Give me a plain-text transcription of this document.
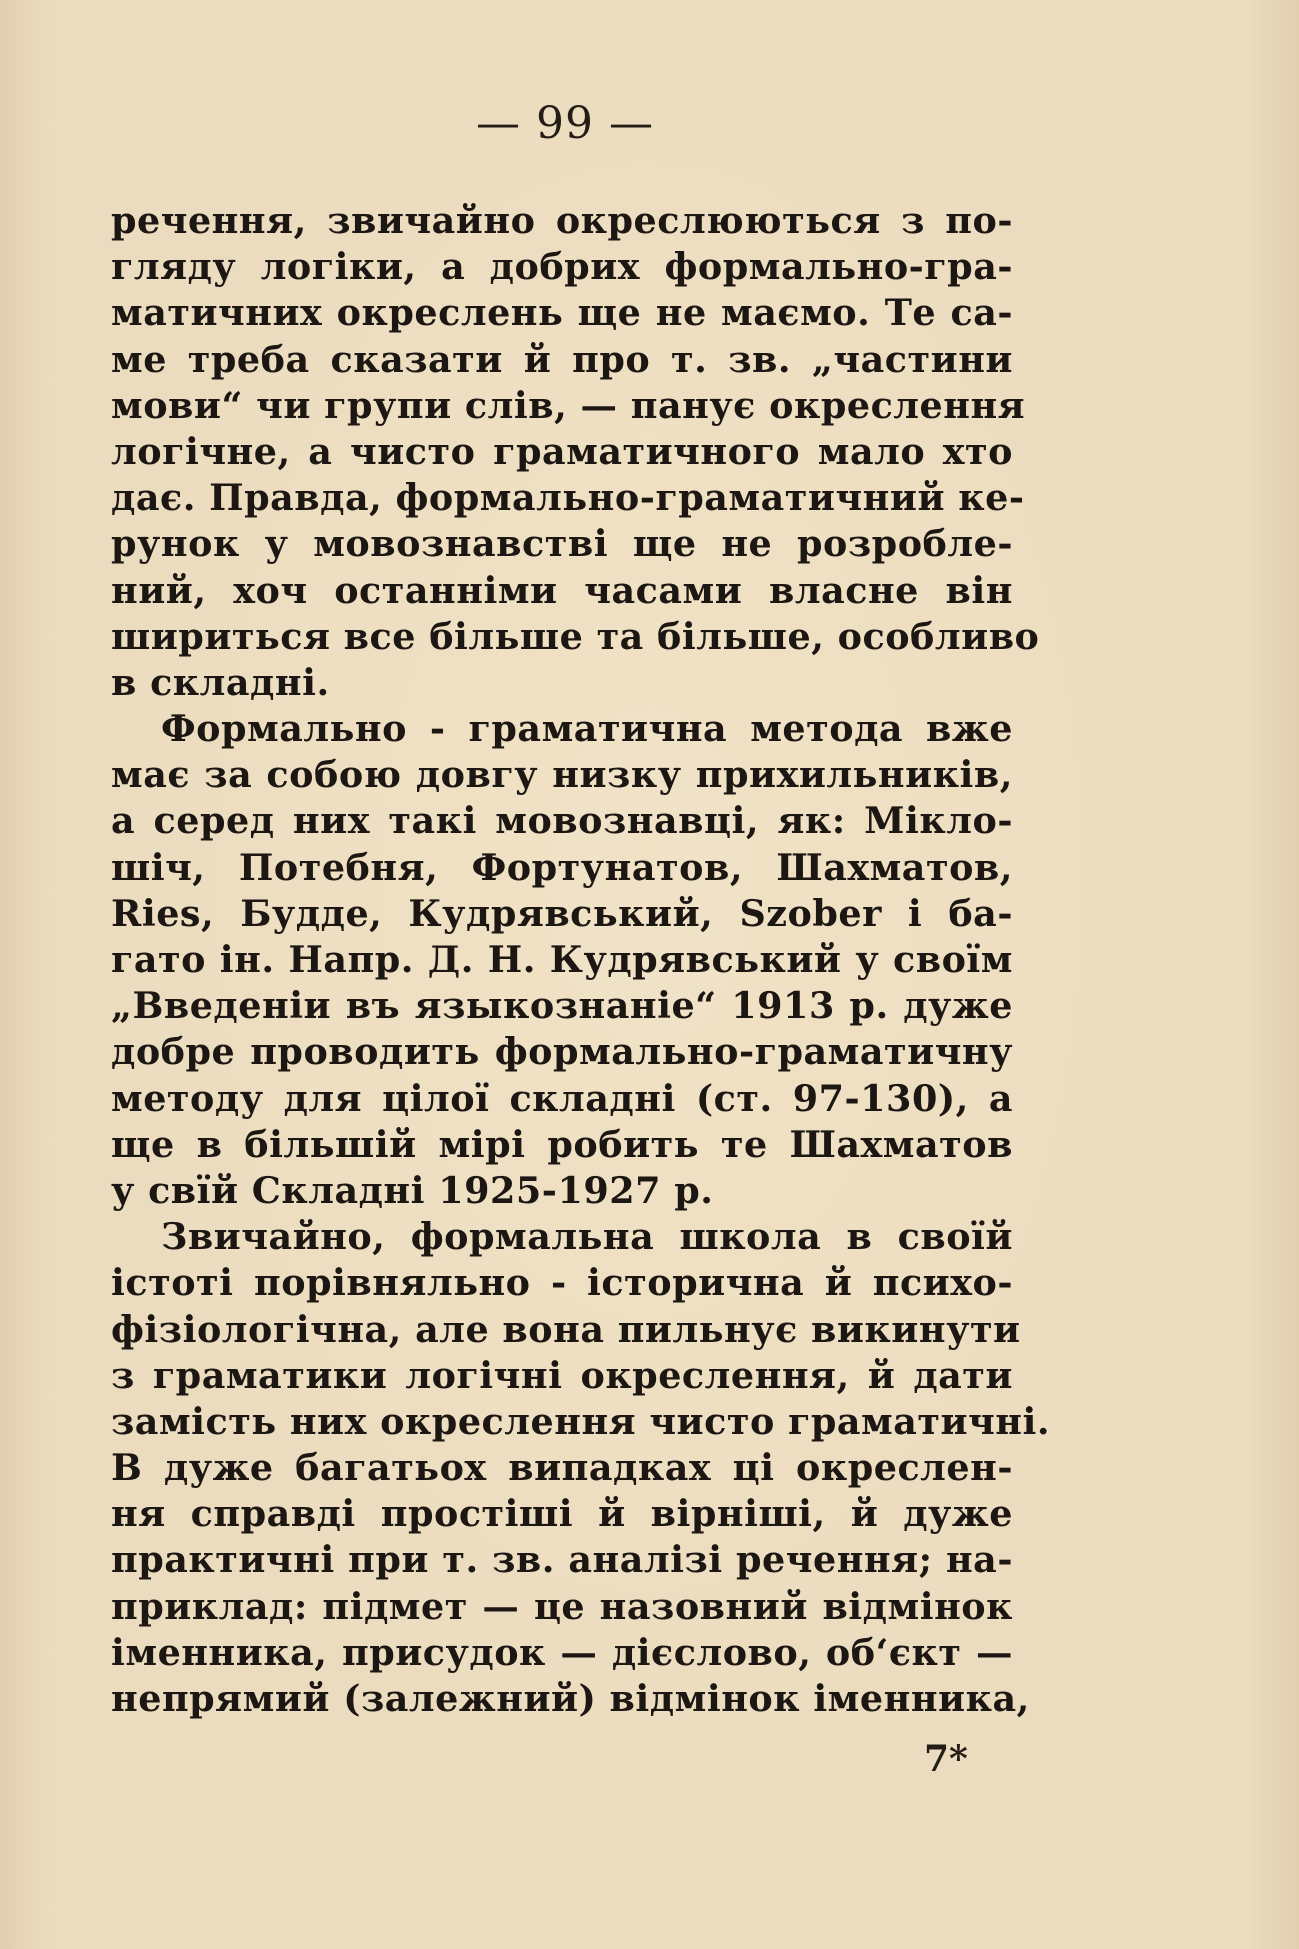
— 99 —
речення, звичайно окреслюються з по-
гляду логіки, а добрих формально-гра-
матичних окреслень ще не маємо. Те са-
ме треба сказати й про т. зв. „частини
мови“ чи групи слів, — панує окреслення
логічне, а чисто граматичного мало хто
дає. Правда, формально-граматичний ке-
рунок у мовознавстві ще не розробле-
ний, хоч останніми часами власне він
шириться все більше та більше, особливо
в складні.
Формально - граматична метода вже
має за собою довгу низку прихильників,
а серед них такі мовознавці, як: Мікло-
шіч, Потебня, Фортунатов, Шахматов,
Ries, Будде, Кудрявський, Szober і ба-
гато ін. Напр. Д. Н. Кудрявський у своїм
„Введенiи въ языкознанiе“ 1913 р. дуже
добре проводить формально-граматичну
методу для цілої складні (ст. 97-130), а
ще в більшій мірі робить те Шахматов
у свїй Складні 1925-1927 р.
Звичайно, формальна школа в своїй
істоті порівняльно - історична й психо-
фізіологічна, але вона пильнує викинути
з граматики логічні окреслення, й дати
замість них окреслення чисто граматичні.
В дуже багатьох випадках ці окреслен-
ня справді простіші й вірніші, й дуже
практичні при т. зв. аналізі речення; на-
приклад: підмет — це назовний відмінок
іменника, присудок — дієслово, об‘єкт —
непрямий (залежний) відмінок іменника,
7*
